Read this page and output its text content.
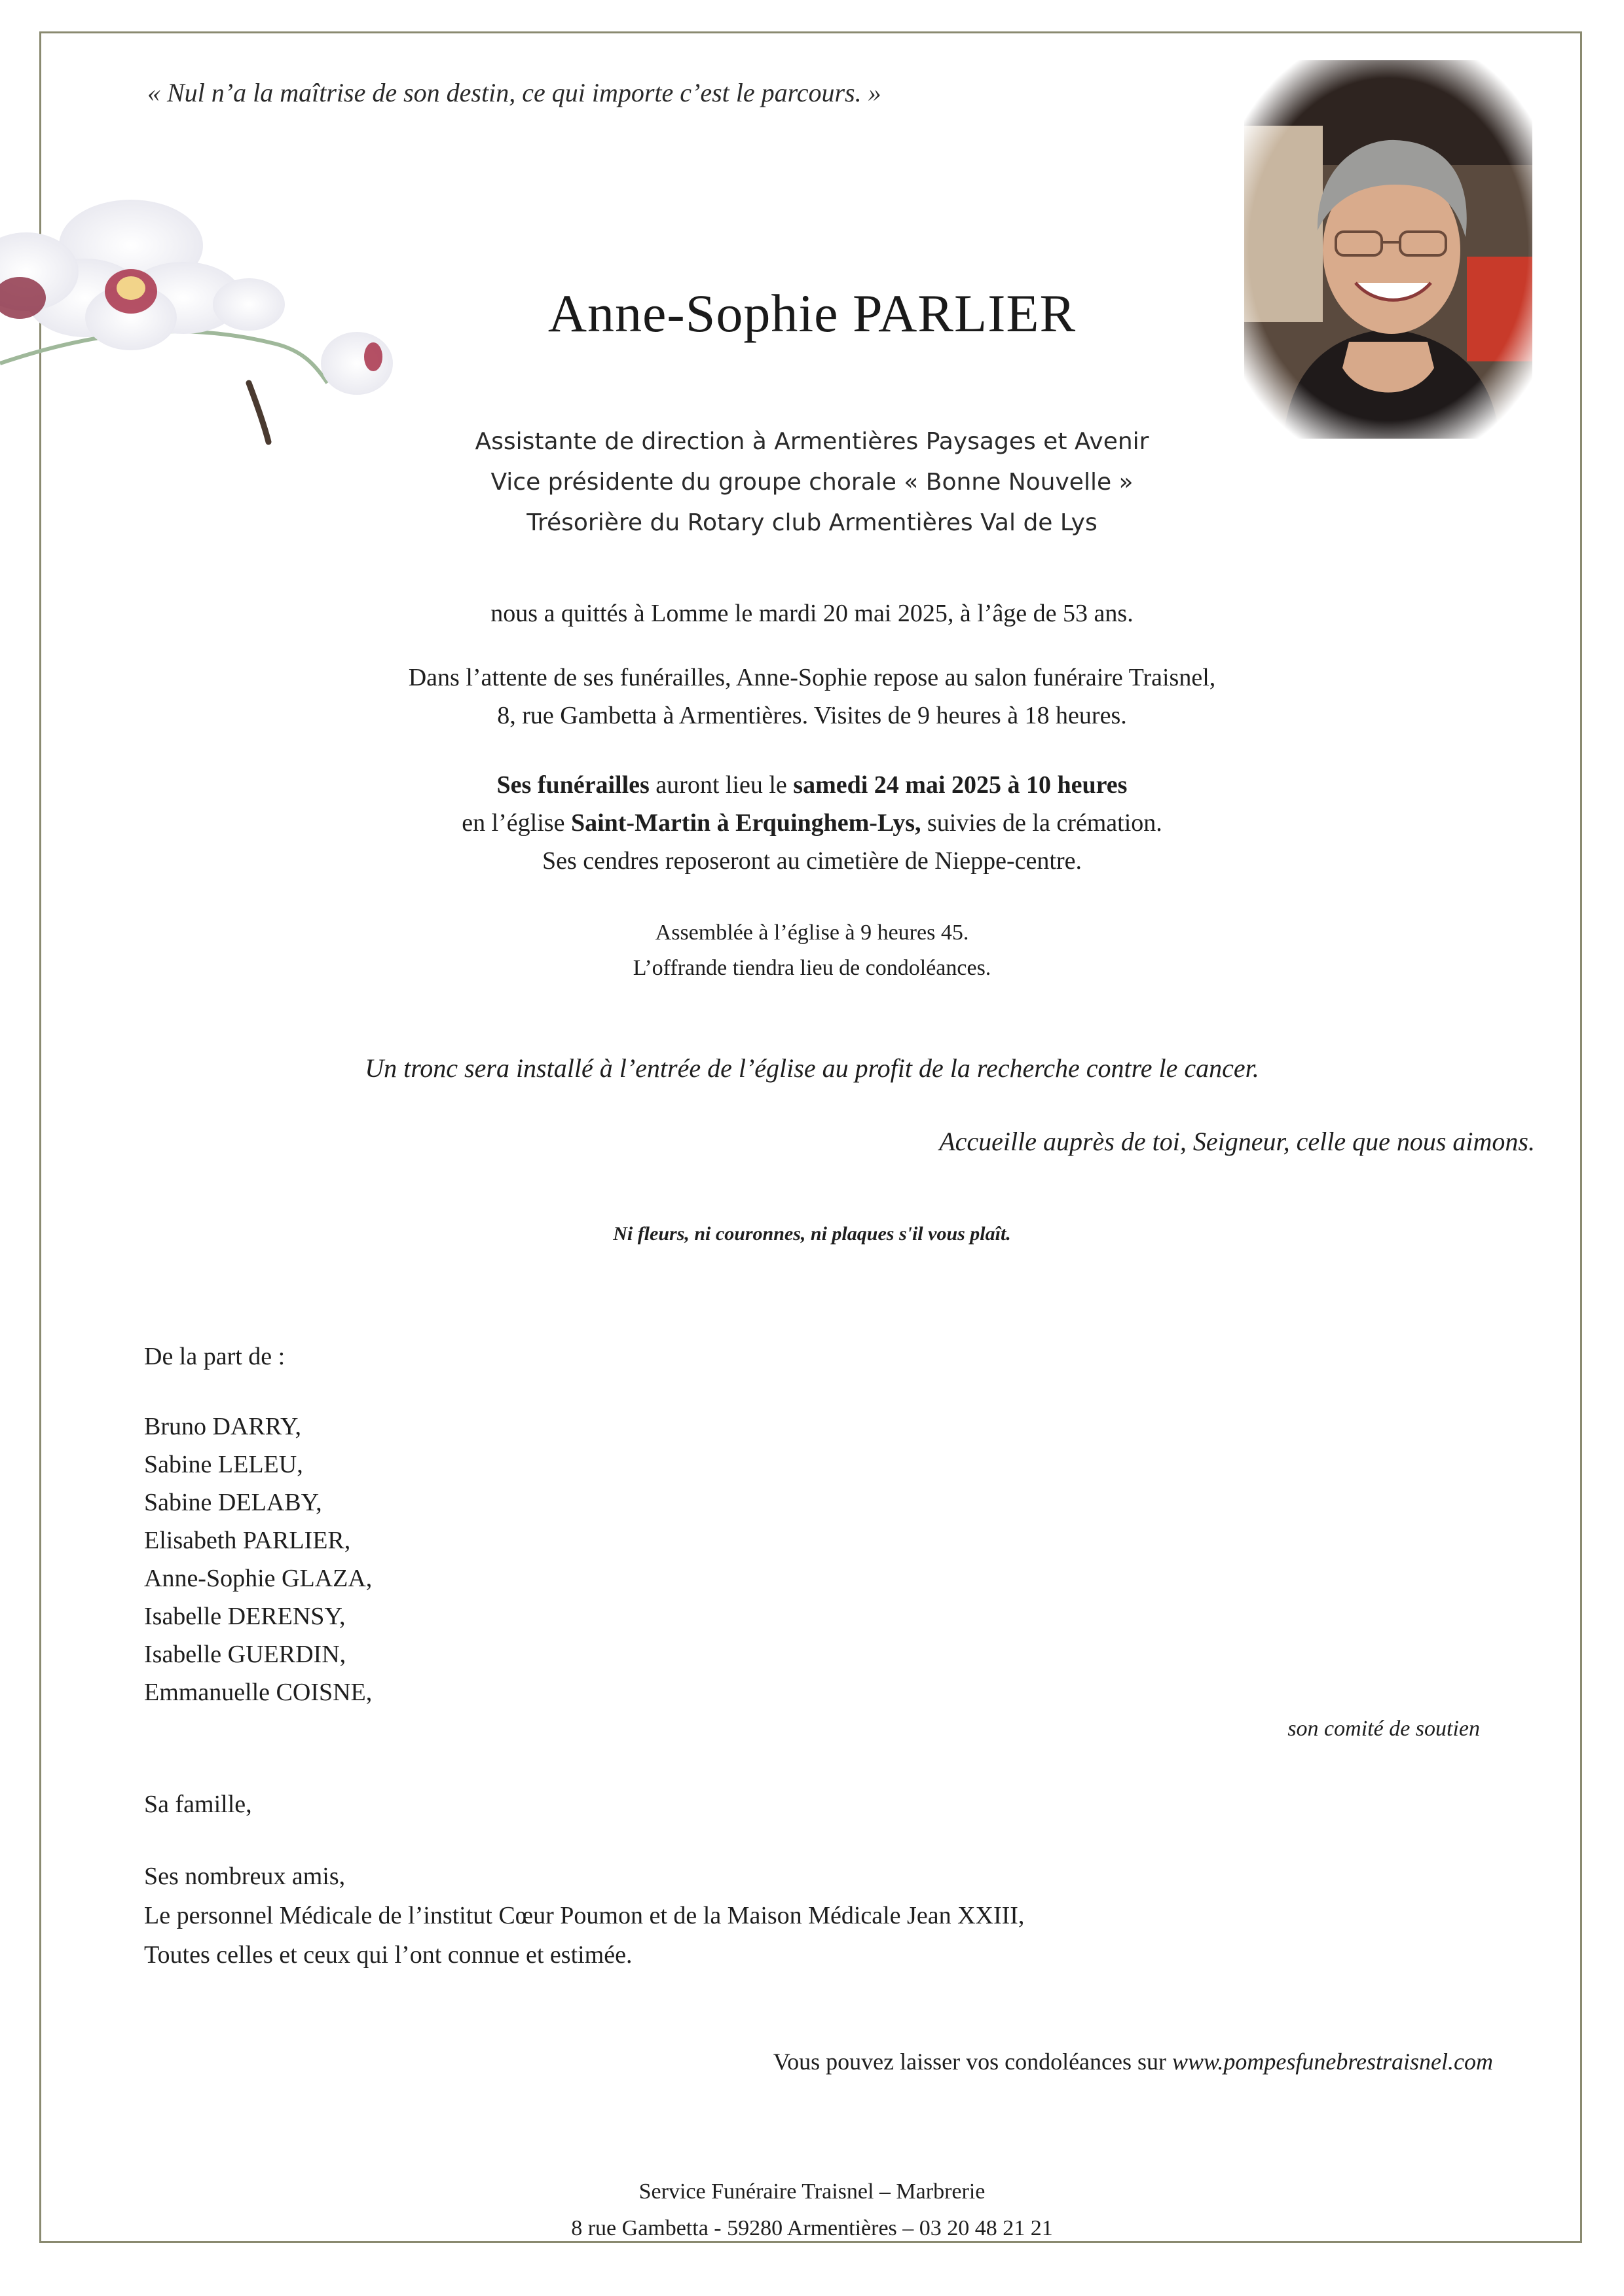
« Nul n’a la maîtrise de son destin, ce qui importe c’est le parcours. »
Anne-Sophie PARLIER
Assistante de direction à Armentières Paysages et Avenir
Vice présidente du groupe chorale « Bonne Nouvelle »
Trésorière du Rotary club Armentières Val de Lys
nous a quittés à Lomme le mardi 20 mai 2025, à l’âge de 53 ans.
Dans l’attente de ses funérailles, Anne-Sophie repose au salon funéraire Traisnel,
8, rue Gambetta à Armentières. Visites de 9 heures à 18 heures.
Ses funérailles auront lieu le samedi 24 mai 2025 à 10 heures
en l’église Saint-Martin à Erquinghem-Lys, suivies de la crémation.
Ses cendres reposeront au cimetière de Nieppe-centre.
Assemblée à l’église à 9 heures 45.
L’offrande tiendra lieu de condoléances.
Un tronc sera installé à l’entrée de l’église au profit de la recherche contre le cancer.
Accueille auprès de toi, Seigneur, celle que nous aimons.
Ni fleurs, ni couronnes, ni plaques s'il vous plaît.
De la part de :
Bruno DARRY,
Sabine LELEU,
Sabine DELABY,
Elisabeth PARLIER,
Anne-Sophie GLAZA,
Isabelle DERENSY,
Isabelle GUERDIN,
Emmanuelle COISNE,
son comité de soutien
Sa famille,
Ses nombreux amis,
Le personnel Médicale de l’institut Cœur Poumon et de la Maison Médicale Jean XXIII,
Toutes celles et ceux qui l’ont connue et estimée.
Vous pouvez laisser vos condoléances sur www.pompesfunebrestraisnel.com
Service Funéraire Traisnel – Marbrerie
8 rue Gambetta - 59280 Armentières – 03 20 48 21 21
